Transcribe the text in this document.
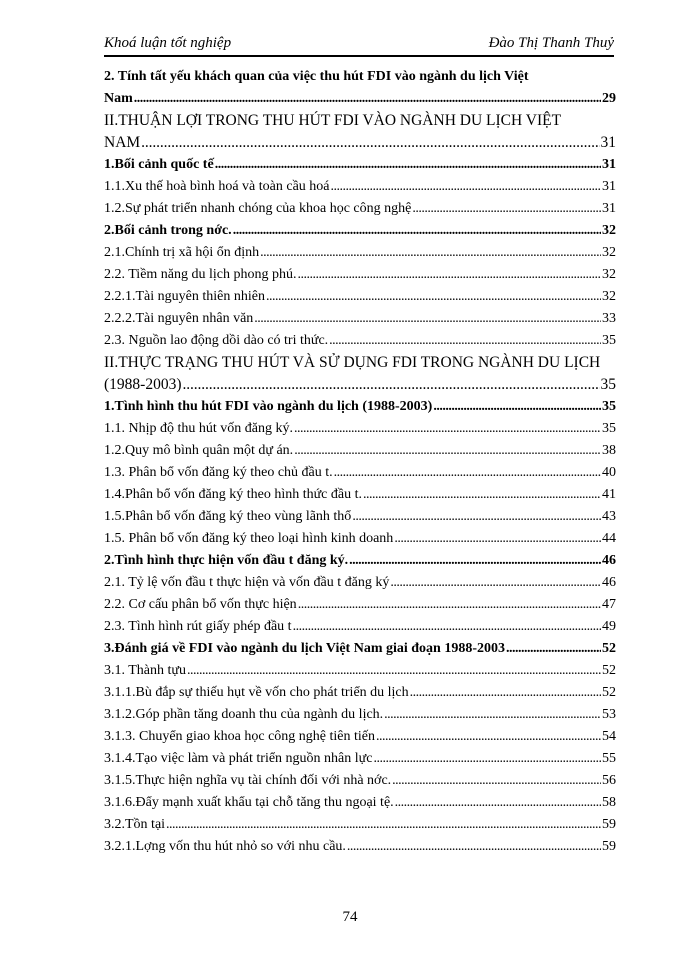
Khoá luận tốt nghiệp	Đào Thị Thanh Thuỷ
2. Tính tất yếu khách quan của việc thu hút FDI vào ngành du lịch Việt
Nam . . .	29
II.THUẬN LỢI TRONG THU HÚT FDI VÀO NGÀNH DU LỊCH VIỆT
NAM . . .	31
1.Bối cảnh quốc tế . . .	31
1.1.Xu thế hoà bình hoá và toàn cầu hoá . . .	31
1.2.Sự phát triển nhanh chóng của khoa học công nghệ . . .	31
2.Bối cảnh trong nớc. . . .	32
2.1.Chính trị xã hội ổn định . . .	32
2.2. Tiềm năng du lịch phong phú. . . .	32
2.2.1.Tài nguyên thiên nhiên . . .	32
2.2.2.Tài nguyên nhân văn . . .	33
2.3. Nguồn lao động dồi dào có tri thức. . . .	35
II.THỰC TRẠNG THU HÚT VÀ SỬ DỤNG FDI TRONG NGÀNH DU LỊCH
(1988-2003) . . .	35
1.Tình hình thu hút FDI vào ngành du lịch (1988-2003) . . .	35
1.1. Nhịp độ thu hút vốn đăng ký. . . .	35
1.2.Quy mô bình quân một dự án. . . .	38
1.3. Phân bổ vốn đăng ký theo chủ đầu t. . . .	40
1.4.Phân bổ vốn đăng ký theo hình thức đầu t. . . .	41
1.5.Phân bổ vốn đăng ký theo vùng lãnh thổ . . .	43
1.5. Phân bổ vốn đăng ký theo loại hình kinh doanh . . .	44
2.Tình hình thực hiện vốn đầu t đăng ký. . . .	46
2.1. Tỷ lệ vốn đầu t thực hiện và vốn đầu t đăng ký . . .	46
2.2. Cơ cấu phân bổ vốn thực hiện . . .	47
2.3. Tình hình rút giấy phép đầu t . . .	49
3.Đánh giá về FDI vào ngành du lịch Việt Nam giai đoạn 1988-2003 . . .	52
3.1. Thành tựu . . .	52
3.1.1.Bù đắp sự thiếu hụt về vốn cho phát triển du lịch . . .	52
3.1.2.Góp phần tăng doanh thu của ngành du lịch. . . .	53
3.1.3. Chuyển giao khoa học công nghệ tiên tiến . . .	54
3.1.4.Tạo việc làm và phát triển nguồn nhân lực . . .	55
3.1.5.Thực hiện nghĩa vụ tài chính đối với nhà nớc. . . .	56
3.1.6.Đẩy mạnh xuất khẩu tại chỗ tăng thu ngoại tệ. . . .	58
3.2.Tồn tại . . .	59
3.2.1.Lợng vốn thu hút nhỏ so với nhu cầu. . . .	59
74
